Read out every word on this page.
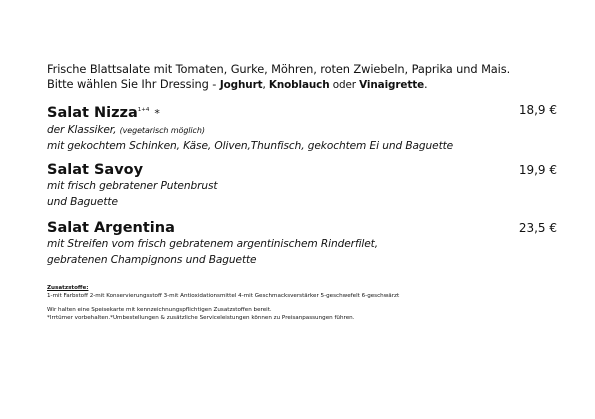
Frische Blattsalate mit Tomaten, Gurke, Möhren, roten Zwiebeln, Paprika und Mais.
Bitte wählen Sie Ihr Dressing - Joghurt, Knoblauch oder Vinaigrette.
Salat Nizza$^{1+4}$ *	18,9 €
der Klassiker, (vegetarisch möglich)
mit gekochtem Schinken, Käse, Oliven,Thunfisch, gekochtem Ei und Baguette
Salat Savoy	19,9 €
mit frisch gebratener Putenbrust
und Baguette
Salat Argentina	23,5 €
mit Streifen vom frisch gebratenem argentinischem Rinderfilet,
gebratenen Champignons und Baguette
Zusatzstoffe:
1-mit Farbstoff 2-mit Konservierungsstoff 3-mit Antioxidationsmittel 4-mit Geschmacksverstärker 5-geschwefelt 6-geschwärzt
Wir halten eine Speisekarte mit kennzeichnungspflichtigen Zusatzstoffen bereit.
*Irrtümer vorbehalten.*Umbestellungen & zusätzliche Serviceleistungen können zu Preisanpassungen führen.
